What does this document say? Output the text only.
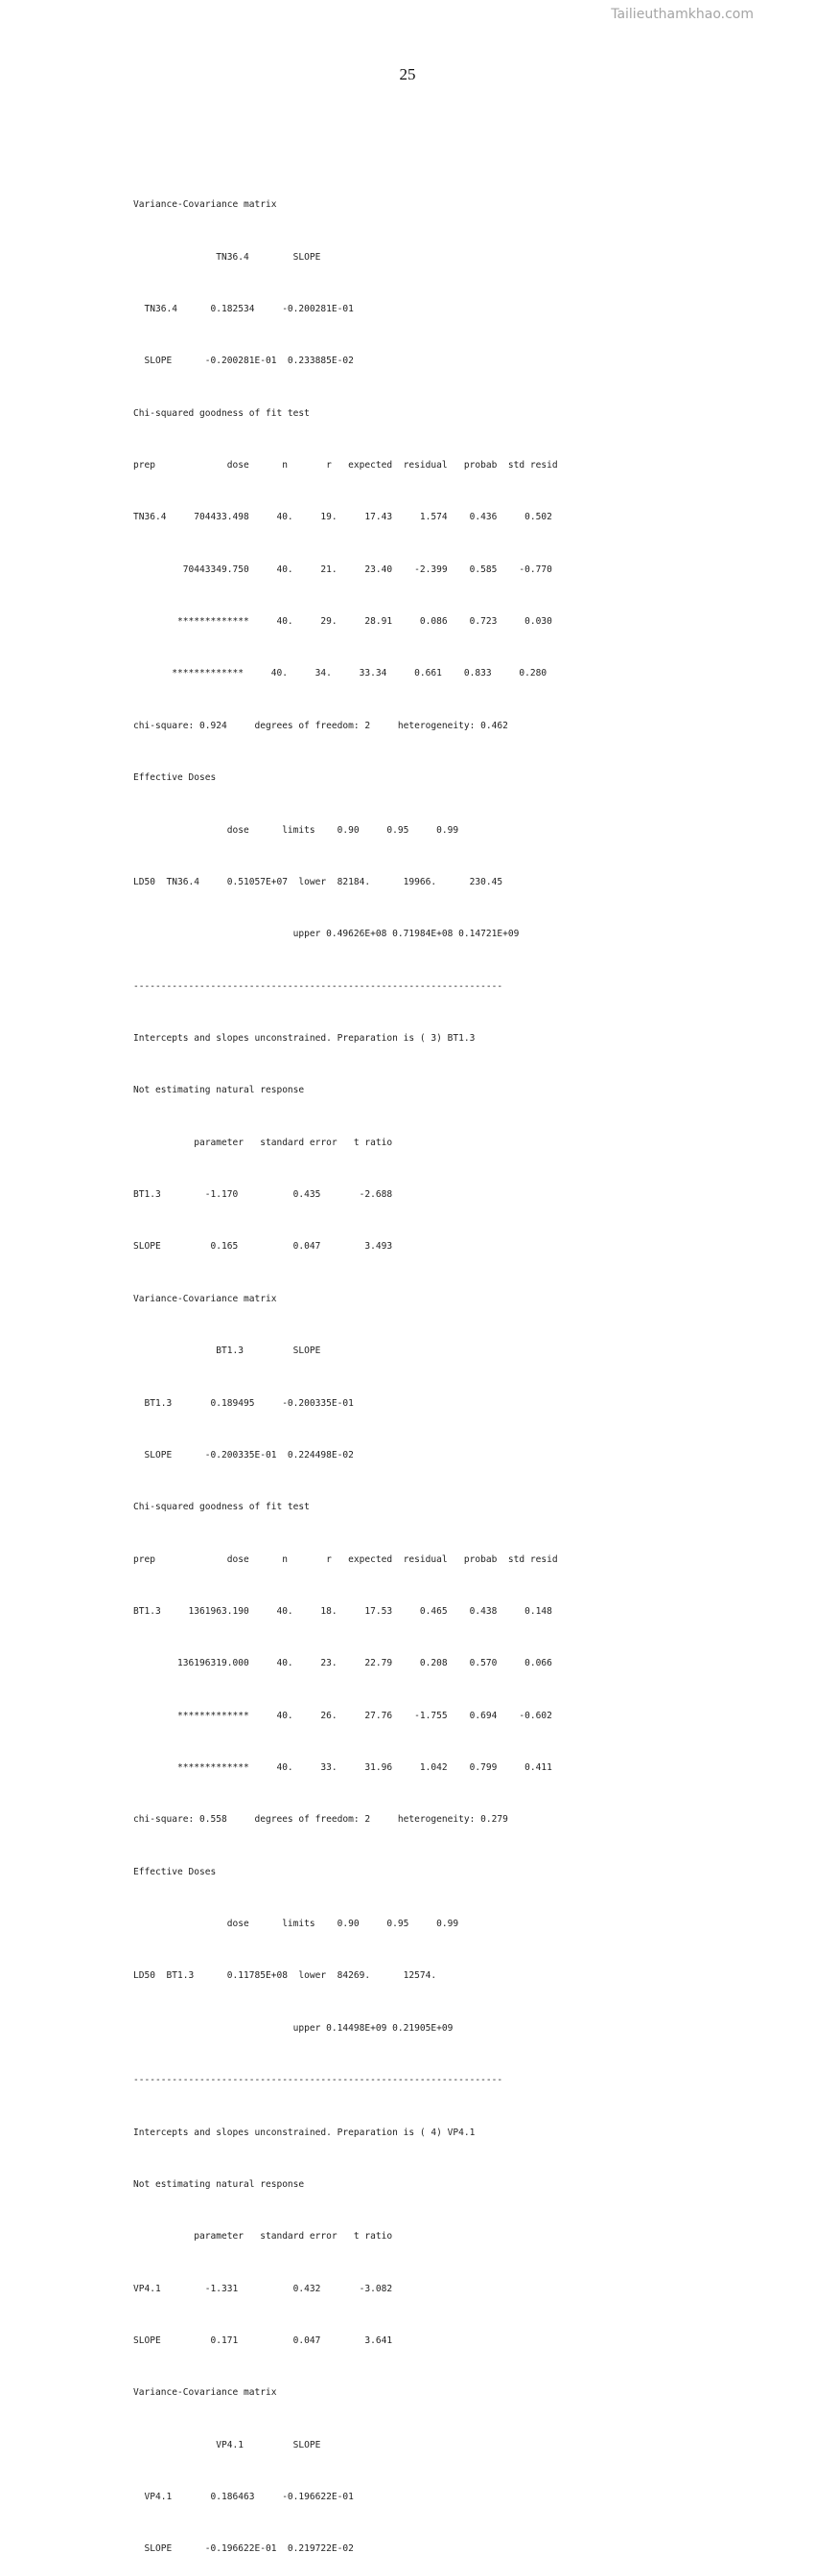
Tailieuthamkhao.com
25

Variance-Covariance matrix

TN36.4        SLOPE

TN36.4      0.182534     -0.200281E-01

SLOPE      -0.200281E-01  0.233885E-02

Chi-squared goodness of fit test

prep             dose      n       r   expected  residual   probab  std resid

TN36.4     704433.498     40.     19.     17.43     1.574    0.436     0.502

70443349.750     40.     21.     23.40    -2.399    0.585    -0.770

*************     40.     29.     28.91     0.086    0.723     0.030

*************     40.     34.     33.34     0.661    0.833     0.280

chi-square: 0.924     degrees of freedom: 2     heterogeneity: 0.462

Effective Doses

dose      limits    0.90     0.95     0.99

LD50  TN36.4     0.51057E+07  lower  82184.      19966.      230.45

upper 0.49626E+08 0.71984E+08 0.14721E+09

-------------------------------------------------------------------

Intercepts and slopes unconstrained. Preparation is ( 3) BT1.3

Not estimating natural response

parameter   standard error   t ratio

BT1.3        -1.170          0.435       -2.688

SLOPE         0.165          0.047        3.493

Variance-Covariance matrix

BT1.3         SLOPE

BT1.3       0.189495     -0.200335E-01

SLOPE      -0.200335E-01  0.224498E-02

Chi-squared goodness of fit test

prep             dose      n       r   expected  residual   probab  std resid

BT1.3     1361963.190     40.     18.     17.53     0.465    0.438     0.148

136196319.000     40.     23.     22.79     0.208    0.570     0.066

*************     40.     26.     27.76    -1.755    0.694    -0.602

*************     40.     33.     31.96     1.042    0.799     0.411

chi-square: 0.558     degrees of freedom: 2     heterogeneity: 0.279

Effective Doses

dose      limits    0.90     0.95     0.99

LD50  BT1.3      0.11785E+08  lower  84269.      12574.

upper 0.14498E+09 0.21905E+09

-------------------------------------------------------------------

Intercepts and slopes unconstrained. Preparation is ( 4) VP4.1

Not estimating natural response

parameter   standard error   t ratio

VP4.1        -1.331          0.432       -3.082

SLOPE         0.171          0.047        3.641

Variance-Covariance matrix

VP4.1         SLOPE

VP4.1       0.186463     -0.196622E-01

SLOPE      -0.196622E-01  0.219722E-02
